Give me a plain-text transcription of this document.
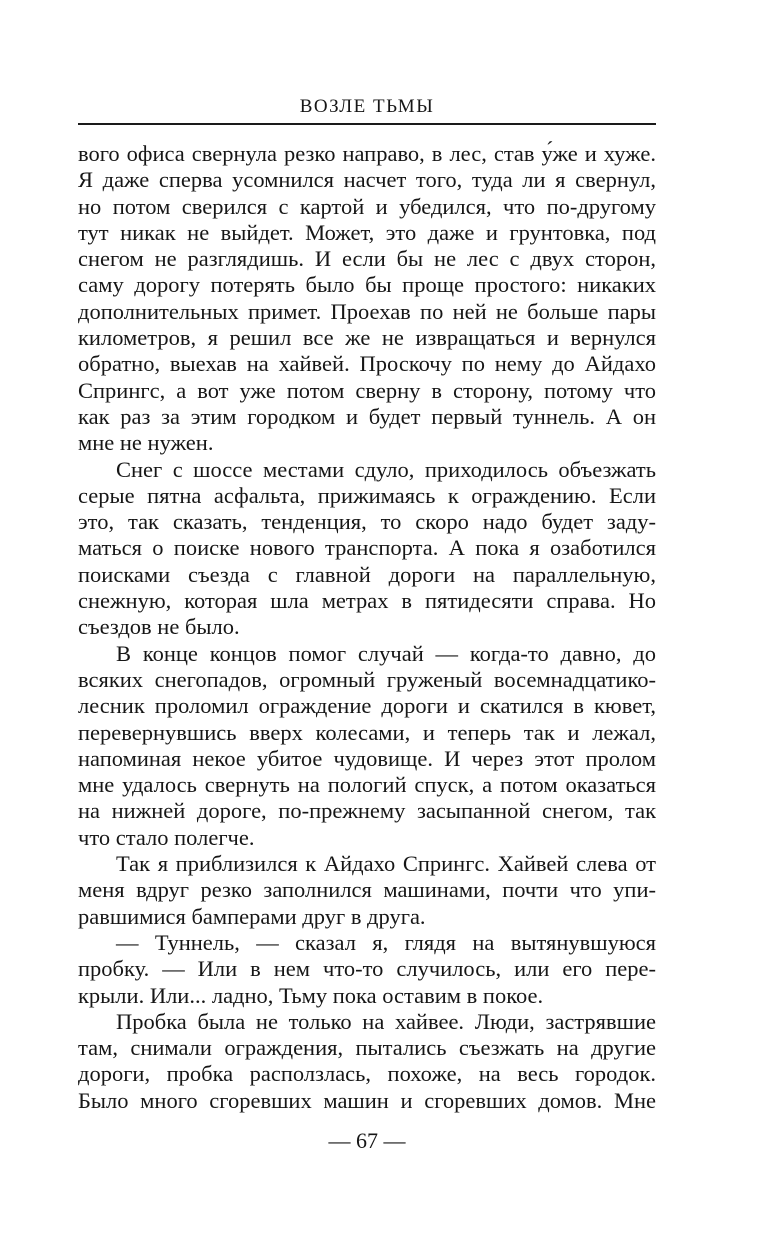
ВОЗЛЕ ТЬМЫ
вого офиса свернула резко направо, в лес, став у́же и хуже.
Я даже сперва усомнился насчет того, туда ли я свернул,
но потом сверился с картой и убедился, что по-другому
тут никак не выйдет. Может, это даже и грунтовка, под
снегом не разглядишь. И если бы не лес с двух сторон,
саму дорогу потерять было бы проще простого: никаких
дополнительных примет. Проехав по ней не больше пары
километров, я решил все же не извращаться и вернулся
обратно, выехав на хайвей. Проскочу по нему до Айдахо
Спрингс, а вот уже потом сверну в сторону, потому что
как раз за этим городком и будет первый туннель. А он
мне не нужен.
Снег с шоссе местами сдуло, приходилось объезжать
серые пятна асфальта, прижимаясь к ограждению. Если
это, так сказать, тенденция, то скоро надо будет заду-
маться о поиске нового транспорта. А пока я озаботился
поисками съезда с главной дороги на параллельную,
снежную, которая шла метрах в пятидесяти справа. Но
съездов не было.
В конце концов помог случай — когда-то давно, до
всяких снегопадов, огромный груженый восемнадцатико-
лесник проломил ограждение дороги и скатился в кювет,
перевернувшись вверх колесами, и теперь так и лежал,
напоминая некое убитое чудовище. И через этот пролом
мне удалось свернуть на пологий спуск, а потом оказаться
на нижней дороге, по-прежнему засыпанной снегом, так
что стало полегче.
Так я приблизился к Айдахо Спрингс. Хайвей слева от
меня вдруг резко заполнился машинами, почти что упи-
равшимися бамперами друг в друга.
— Туннель, — сказал я, глядя на вытянувшуюся
пробку. — Или в нем что-то случилось, или его пере-
крыли. Или... ладно, Тьму пока оставим в покое.
Пробка была не только на хайвее. Люди, застрявшие
там, снимали ограждения, пытались съезжать на другие
дороги, пробка расползлась, похоже, на весь городок.
Было много сгоревших машин и сгоревших домов. Мне
— 67 —
